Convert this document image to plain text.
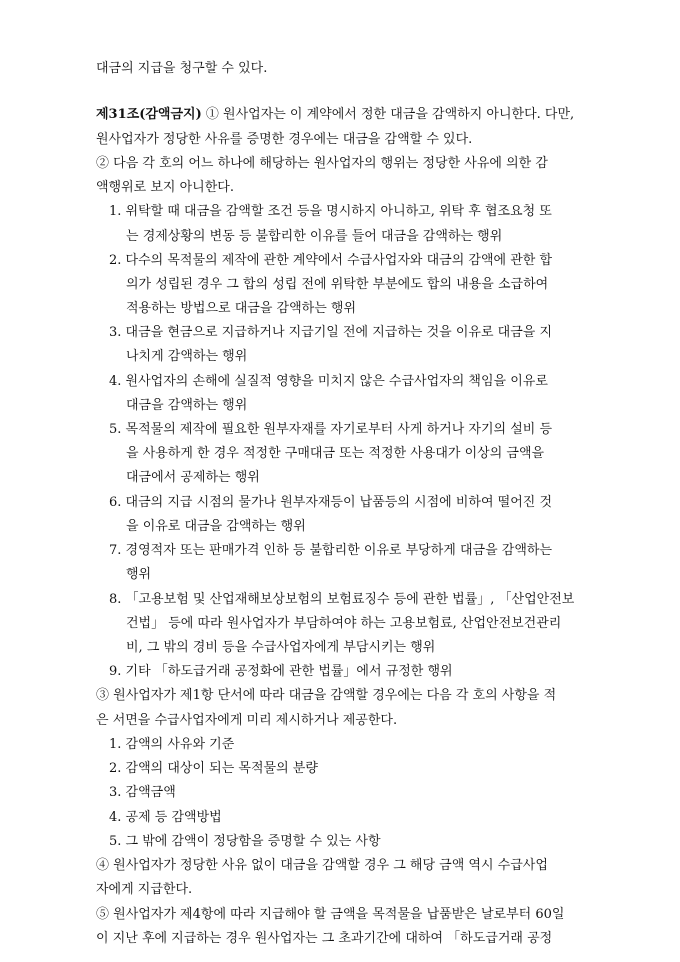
대금의 지급을 청구할 수 있다.
제31조(감액금지) ① 원사업자는 이 계약에서 정한 대금을 감액하지 아니한다. 다만,
원사업자가 정당한 사유를 증명한 경우에는 대금을 감액할 수 있다.
② 다음 각 호의 어느 하나에 해당하는 원사업자의 행위는 정당한 사유에 의한 감
액행위로 보지 아니한다.
1. 위탁할 때 대금을 감액할 조건 등을 명시하지 아니하고, 위탁 후 협조요청 또
는 경제상황의 변동 등 불합리한 이유를 들어 대금을 감액하는 행위
2. 다수의 목적물의 제작에 관한 계약에서 수급사업자와 대금의 감액에 관한 합
의가 성립된 경우 그 합의 성립 전에 위탁한 부분에도 합의 내용을 소급하여
적용하는 방법으로 대금을 감액하는 행위
3. 대금을 현금으로 지급하거나 지급기일 전에 지급하는 것을 이유로 대금을 지
나치게 감액하는 행위
4. 원사업자의 손해에 실질적 영향을 미치지 않은 수급사업자의 책임을 이유로
대금을 감액하는 행위
5. 목적물의 제작에 필요한 원부자재를 자기로부터 사게 하거나 자기의 설비 등
을 사용하게 한 경우 적정한 구매대금 또는 적정한 사용대가 이상의 금액을
대금에서 공제하는 행위
6. 대금의 지급 시점의 물가나 원부자재등이 납품등의 시점에 비하여 떨어진 것
을 이유로 대금을 감액하는 행위
7. 경영적자 또는 판매가격 인하 등 불합리한 이유로 부당하게 대금을 감액하는
행위
8. 「고용보험 및 산업재해보상보험의 보험료징수 등에 관한 법률」, 「산업안전보
건법」 등에 따라 원사업자가 부담하여야 하는 고용보험료, 산업안전보건관리
비, 그 밖의 경비 등을 수급사업자에게 부담시키는 행위
9. 기타 「하도급거래 공정화에 관한 법률」에서 규정한 행위
③ 원사업자가 제1항 단서에 따라 대금을 감액할 경우에는 다음 각 호의 사항을 적
은 서면을 수급사업자에게 미리 제시하거나 제공한다.
1. 감액의 사유와 기준
2. 감액의 대상이 되는 목적물의 분량
3. 감액금액
4. 공제 등 감액방법
5. 그 밖에 감액이 정당함을 증명할 수 있는 사항
④ 원사업자가 정당한 사유 없이 대금을 감액할 경우 그 해당 금액 역시 수급사업
자에게 지급한다.
⑤ 원사업자가 제4항에 따라 지급해야 할 금액을 목적물을 납품받은 날로부터 60일
이 지난 후에 지급하는 경우 원사업자는 그 초과기간에 대하여 「하도급거래 공정
